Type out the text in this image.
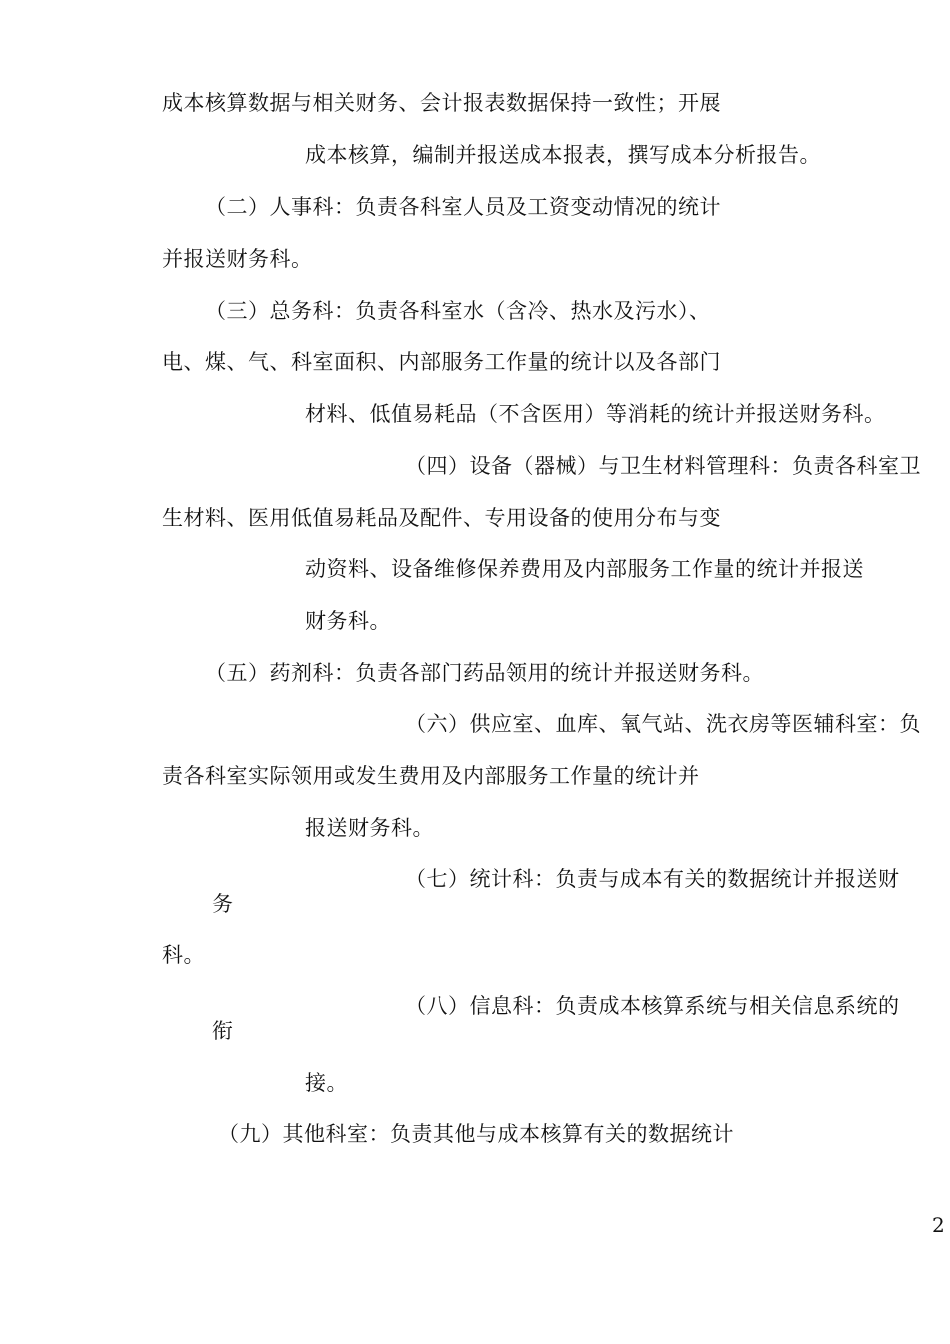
成本核算数据与相关财务、会计报表数据保持一致性；开展
成本核算，编制并报送成本报表，撰写成本分析报告。
（二）人事科：负责各科室人员及工资变动情况的统计
并报送财务科。
（三）总务科：负责各科室水（含冷、热水及污水）、
电、煤、气、科室面积、内部服务工作量的统计以及各部门
材料、低值易耗品（不含医用）等消耗的统计并报送财务科。
（四）设备（器械）与卫生材料管理科：负责各科室卫
生材料、医用低值易耗品及配件、专用设备的使用分布与变
动资料、设备维修保养费用及内部服务工作量的统计并报送
财务科。
（五）药剂科：负责各部门药品领用的统计并报送财务科。
（六）供应室、血库、氧气站、洗衣房等医辅科室：负
责各科室实际领用或发生费用及内部服务工作量的统计并
报送财务科。
（七）统计科：负责与成本有关的数据统计并报送财
务
科。
（八）信息科：负责成本核算系统与相关信息系统的
衔
接。
（九）其他科室：负责其他与成本核算有关的数据统计
2
